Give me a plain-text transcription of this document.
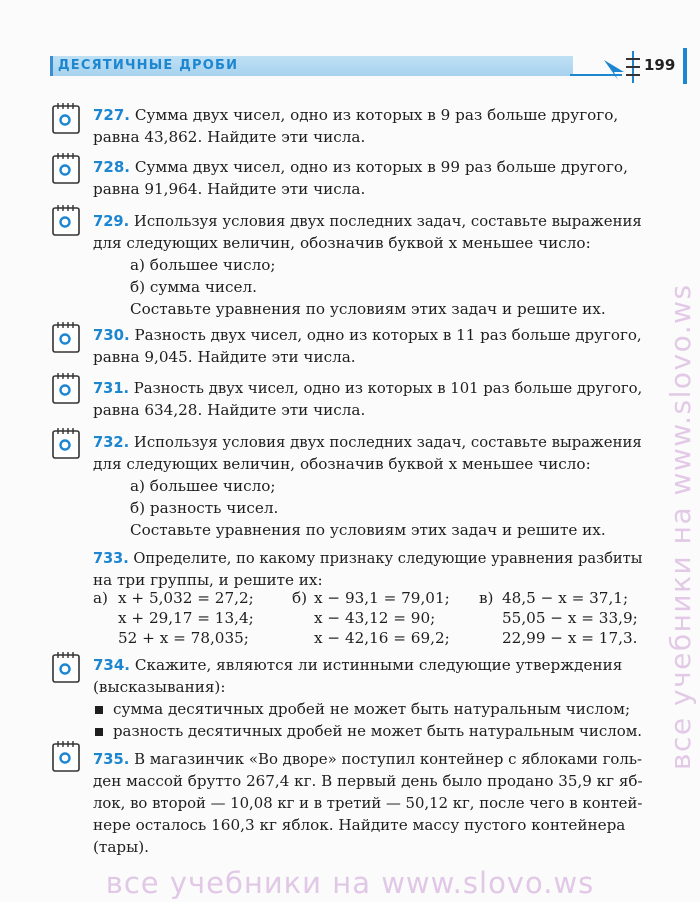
ДЕСЯТИЧНЫЕ ДРОБИ	199
727. Сумма двух чисел, одно из которых в 9 раз больше другого,
равна 43,862. Найдите эти числа.
728. Сумма двух чисел, одно из которых в 99 раз больше другого,
равна 91,964. Найдите эти числа.
729. Используя условия двух последних задач, составьте выражения
для следующих величин, обозначив буквой x меньшее число:
а) большее число;
б) сумма чисел.
Составьте уравнения по условиям этих задач и решите их.
730. Разность двух чисел, одно из которых в 11 раз больше другого,
равна 9,045. Найдите эти числа.
731. Разность двух чисел, одно из которых в 101 раз больше другого,
равна 634,28. Найдите эти числа.
732. Используя условия двух последних задач, составьте выражения
для следующих величин, обозначив буквой x меньшее число:
а) большее число;
б) разность чисел.
Составьте уравнения по условиям этих задач и решите их.
733. Определите, по какому признаку следующие уравнения разбиты
на три группы, и решите их:
а) x + 5,032 = 27,2;	б) x − 93,1 = 79,01; в) 48,5 − x = 37,1;
x + 29,17 = 13,4;	x − 43,12 = 90;	55,05 − x = 33,9;
52 + x = 78,035;	x − 42,16 = 69,2;	22,99 − x = 17,3.
734. Скажите, являются ли истинными следующие утверждения
(высказывания):
сумма десятичных дробей не может быть натуральным числом;
разность десятичных дробей не может быть натуральным числом.
735. В магазинчик «Во дворе» поступил контейнер с яблоками голь-
ден массой брутто 267,4 кг. В первый день было продано 35,9 кг яб-
лок, во второй — 10,08 кг и в третий — 50,12 кг, после чего в контей-
нере осталось 160,3 кг яблок. Найдите массу пустого контейнера
(тары).
все учебники на www.slovo.ws
все учебники на www.slovo.ws
